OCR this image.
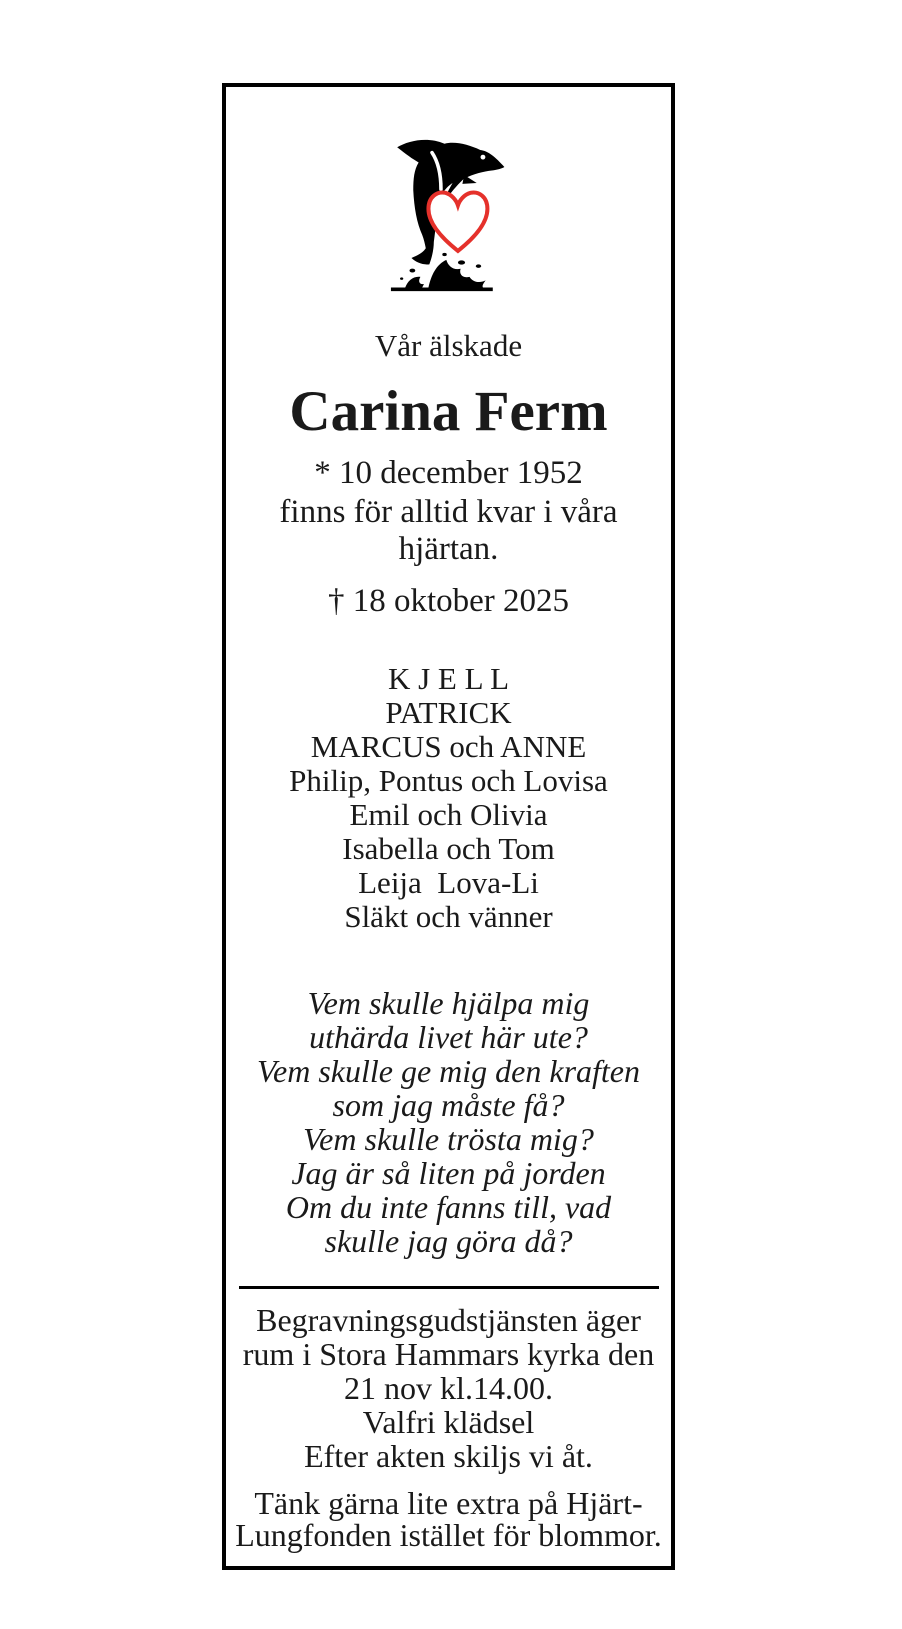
Vår älskade
Carina Ferm
* 10 december 1952
finns för alltid kvar i våra
hjärtan.
† 18 oktober 2025
K J E L L
PATRICK
MARCUS och ANNE
Philip, Pontus och Lovisa
Emil och Olivia
Isabella och Tom
Leija  Lova-Li
Släkt och vänner
Vem skulle hjälpa mig
uthärda livet här ute?
Vem skulle ge mig den kraften
som jag måste få?
Vem skulle trösta mig?
Jag är så liten på jorden
Om du inte fanns till, vad
skulle jag göra då?
Begravningsgudstjänsten äger
rum i Stora Hammars kyrka den
21 nov kl.14.00.
Valfri klädsel
Efter akten skiljs vi åt.
Tänk gärna lite extra på Hjärt-
Lungfonden istället för blommor.
